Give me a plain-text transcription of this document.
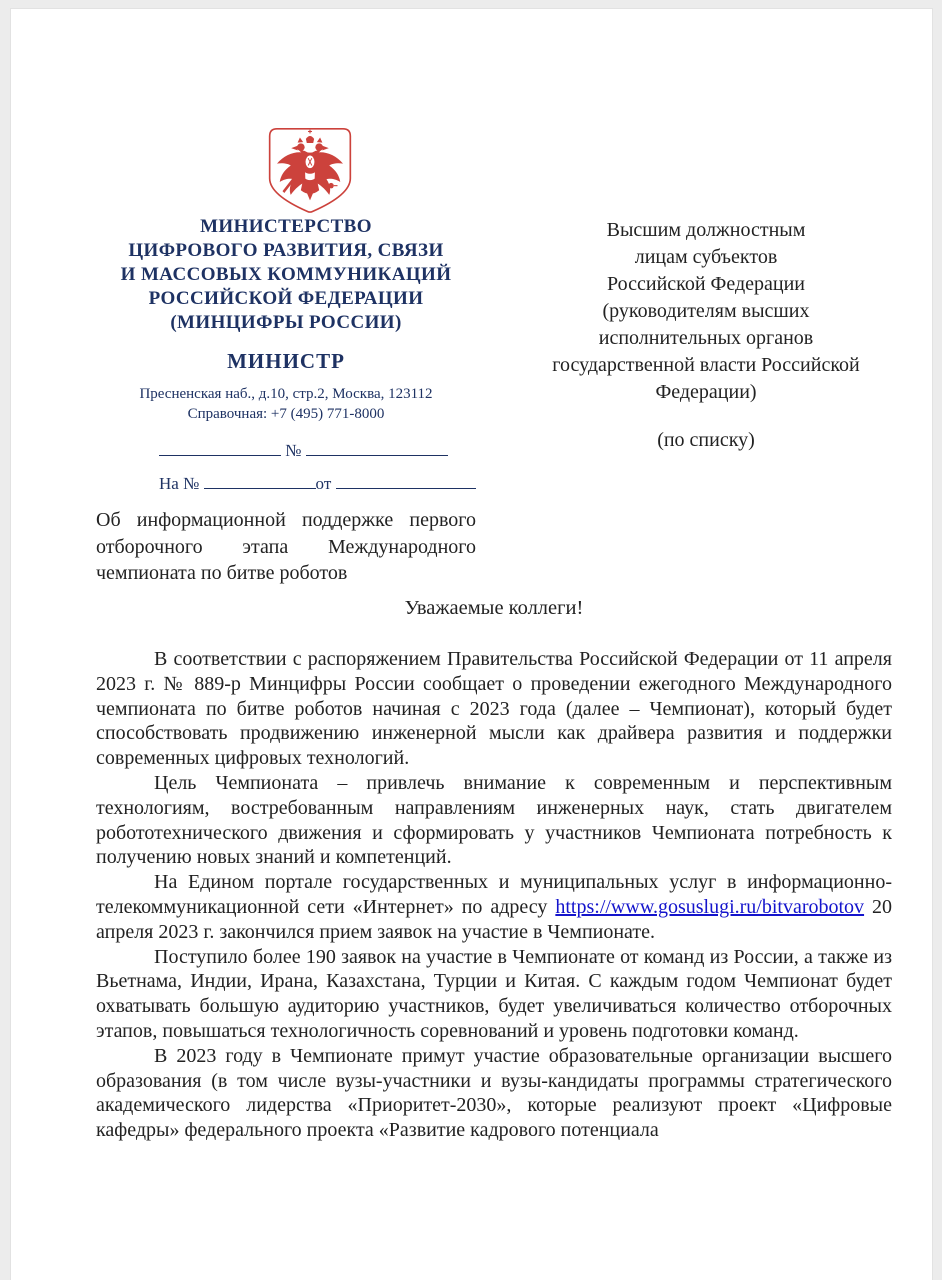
МИНИСТЕРСТВО
ЦИФРОВОГО РАЗВИТИЯ, СВЯЗИ
И МАССОВЫХ КОММУНИКАЦИЙ
РОССИЙСКОЙ ФЕДЕРАЦИИ
(МИНЦИФРЫ РОССИИ)
МИНИСТР
Пресненская наб., д.10, стр.2, Москва, 123112
Справочная: +7 (495) 771-8000
№
На №	от
Высшим должностным
лицам субъектов
Российской Федерации
(руководителям высших
исполнительных органов
государственной власти Российской
Федерации)
(по списку)
Об информационной поддержке первого отборочного этапа Международного чемпионата по битве роботов
Уважаемые коллеги!

В соответствии с распоряжением Правительства Российской Федерации от 11 апреля 2023 г. № 889-р Минцифры России сообщает о проведении ежегодного Международного чемпионата по битве роботов начиная с 2023 года (далее – Чемпионат), который будет способствовать продвижению инженерной мысли как драйвера развития и поддержки современных цифровых технологий.

Цель Чемпионата – привлечь внимание к современным и перспективным технологиям, востребованным направлениям инженерных наук, стать двигателем робототехнического движения и сформировать у участников Чемпионата потребность к получению новых знаний и компетенций.

На Едином портале государственных и муниципальных услуг в информационно-телекоммуникационной сети «Интернет» по адресу https://www.gosuslugi.ru/bitvarobotov 20 апреля 2023 г. закончился прием заявок на участие в Чемпионате.

Поступило более 190 заявок на участие в Чемпионате от команд из России, а также из Вьетнама, Индии, Ирана, Казахстана, Турции и Китая. С каждым годом Чемпионат будет охватывать большую аудиторию участников, будет увеличиваться количество отборочных этапов, повышаться технологичность соревнований и уровень подготовки команд.

В 2023 году в Чемпионате примут участие образовательные организации высшего образования (в том числе вузы-участники и вузы-кандидаты программы стратегического академического лидерства «Приоритет-2030», которые реализуют проект «Цифровые кафедры» федерального проекта «Развитие кадрового потенциала
